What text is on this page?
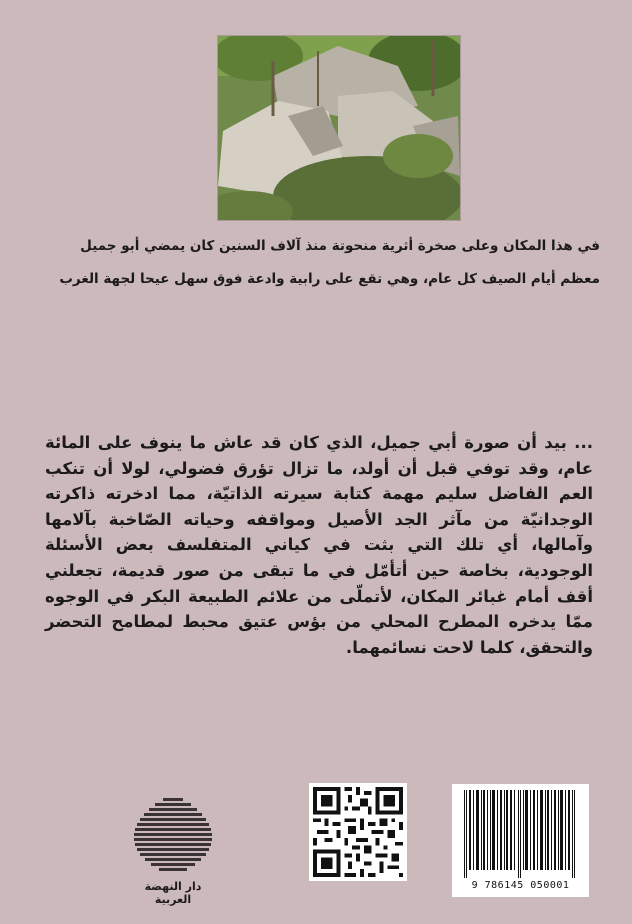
في هذا المكان وعلى صخرة أثرية منحوتة منذ آلاف السنين كان يمضي أبو جميل
معظم أيام الصيف كل عام، وهي تقع على رابية وادعة فوق سهل عيحا لجهة الغرب
... بيد أن صورة أبي جميل، الذي كان قد عاش ما ينوف على المائة عام، وقد توفي قبل أن أولد، ما تزال تؤرق فضولي، لولا أن تنكب العم الفاضل سليم مهمة كتابة سيرته الذاتيّة، مما ادخرته ذاكرته الوجدانيّة من مآثر الجد الأصيل ومواقفه وحياته الصّاخبة بآلامها وآمالها، أي تلك التي بثت في كياني المتفلسف بعض الأسئلة الوجودية، بخاصة حين أتأمّل في ما تبقى من صور قديمة، تجعلني أقف أمام غبائر المكان، لأتملّى من علائم الطبيعة البكر في الوجوه ممّا يدخره المطرح المحلي من بؤس عتيق محبط لمطامح التحضر والتحقق، كلما لاحت نسائمهما.
دار النهضة العربية
9 786145 050001
